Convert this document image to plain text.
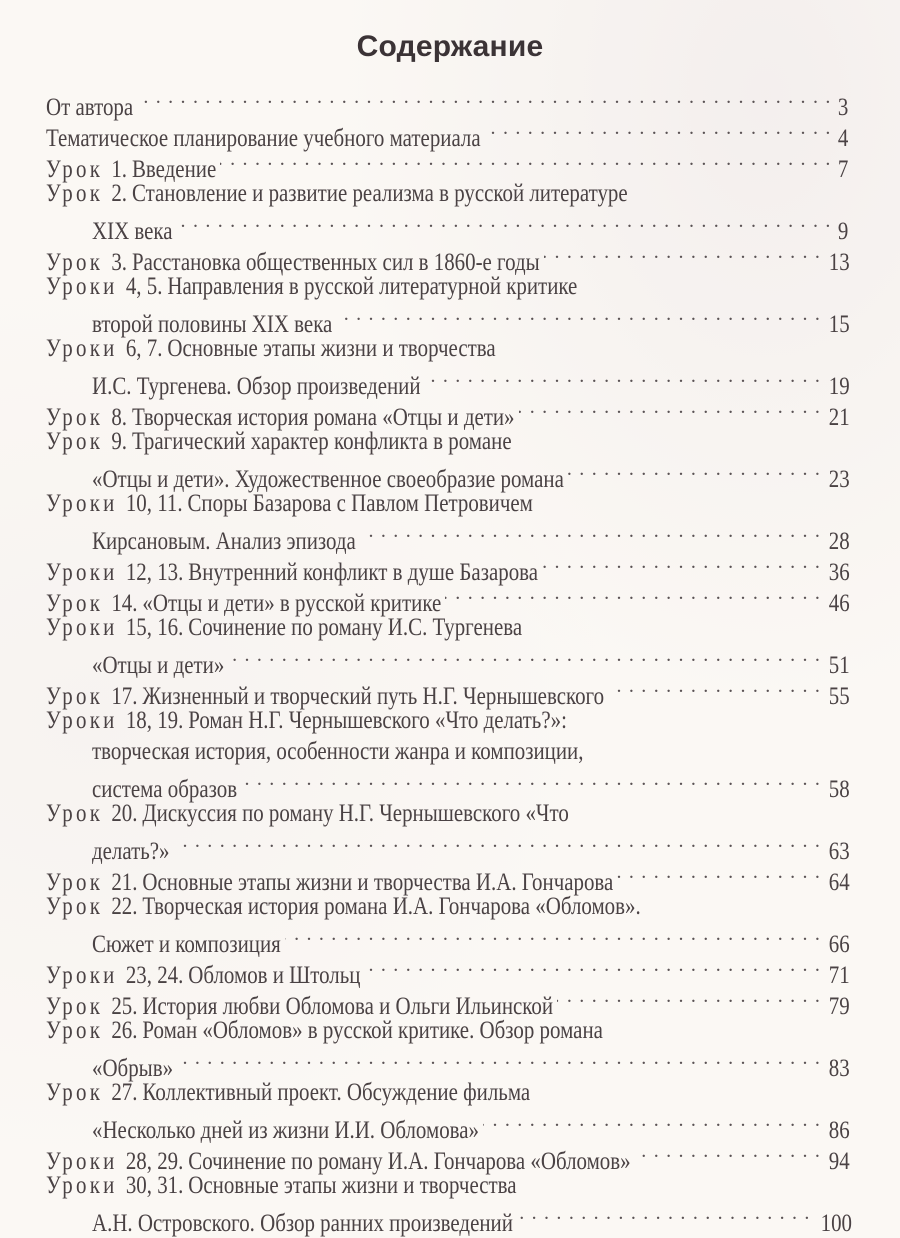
Содержание
От автора . . .	3
Тематическое планирование учебного материала . . .	4
Урок 1. Введение . . .	7
Урок 2. Становление и развитие реализма в русской литературе
XIX века . . .	9
Урок 3. Расстановка общественных сил в 1860-е годы . . .	13
Уроки 4, 5. Направления в русской литературной критике
второй половины XIX века . . .	15
Уроки 6, 7. Основные этапы жизни и творчества
И.С. Тургенева. Обзор произведений . . .	19
Урок 8. Творческая история романа «Отцы и дети» . . .	21
Урок 9. Трагический характер конфликта в романе
«Отцы и дети». Художественное своеобразие романа . . .	23
Уроки 10, 11. Споры Базарова с Павлом Петровичем
Кирсановым. Анализ эпизода . . .	28
Уроки 12, 13. Внутренний конфликт в душе Базарова . . .	36
Урок 14. «Отцы и дети» в русской критике . . .	46
Уроки 15, 16. Сочинение по роману И.С. Тургенева
«Отцы и дети» . . .	51
Урок 17. Жизненный и творческий путь Н.Г. Чернышевского . . .	55
Уроки 18, 19. Роман Н.Г. Чернышевского «Что делать?»:
творческая история, особенности жанра и композиции,
система образов . . .	58
Урок 20. Дискуссия по роману Н.Г. Чернышевского «Что
делать?» . . .	63
Урок 21. Основные этапы жизни и творчества И.А. Гончарова . . .	64
Урок 22. Творческая история романа И.А. Гончарова «Обломов».
Сюжет и композиция . . .	66
Уроки 23, 24. Обломов и Штольц . . .	71
Урок 25. История любви Обломова и Ольги Ильинской . . .	79
Урок 26. Роман «Обломов» в русской критике. Обзор романа
«Обрыв» . . .	83
Урок 27. Коллективный проект. Обсуждение фильма
«Несколько дней из жизни И.И. Обломова» . . .	86
Уроки 28, 29. Сочинение по роману И.А. Гончарова «Обломов» . . .	94
Уроки 30, 31. Основные этапы жизни и творчества
А.Н. Островского. Обзор ранних произведений . . .	100
